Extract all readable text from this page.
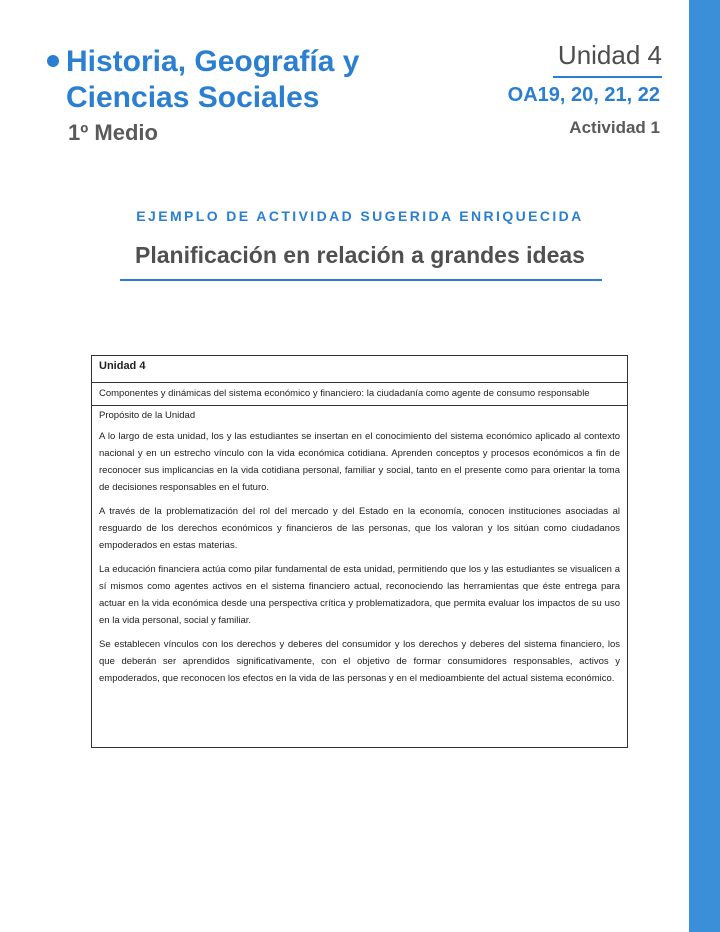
Historia, Geografía y
Ciencias Sociales
1º Medio
Unidad 4
OA19, 20, 21, 22
Actividad 1
EJEMPLO DE ACTIVIDAD SUGERIDA ENRIQUECIDA
Planificación en relación a grandes ideas
Unidad 4
Componentes y dinámicas del sistema económico y financiero: la ciudadanía como agente de consumo responsable
Propósito de la Unidad

A lo largo de esta unidad, los y las estudiantes se insertan en el conocimiento del sistema económico aplicado al contexto nacional y en un estrecho vínculo con la vida económica cotidiana. Aprenden conceptos y procesos económicos a fin de reconocer sus implicancias en la vida cotidiana personal, familiar y social, tanto en el presente como para orientar la toma de decisiones responsables en el futuro.

A través de la problematización del rol del mercado y del Estado en la economía, conocen instituciones asociadas al resguardo de los derechos económicos y financieros de las personas, que los valoran y los sitúan como ciudadanos empoderados en estas materias.

La educación financiera actúa como pilar fundamental de esta unidad, permitiendo que los y las estudiantes se visualicen a sí mismos como agentes activos en el sistema financiero actual, reconociendo las herramientas que éste entrega para actuar en la vida económica desde una perspectiva crítica y problematizadora, que permita evaluar los impactos de su uso en la vida personal, social y familiar.

Se establecen vínculos con los derechos y deberes del consumidor y los derechos y deberes del sistema financiero, los que deberán ser aprendidos significativamente, con el objetivo de formar consumidores responsables, activos y empoderados, que reconocen los efectos en la vida de las personas y en el medioambiente del actual sistema económico.
